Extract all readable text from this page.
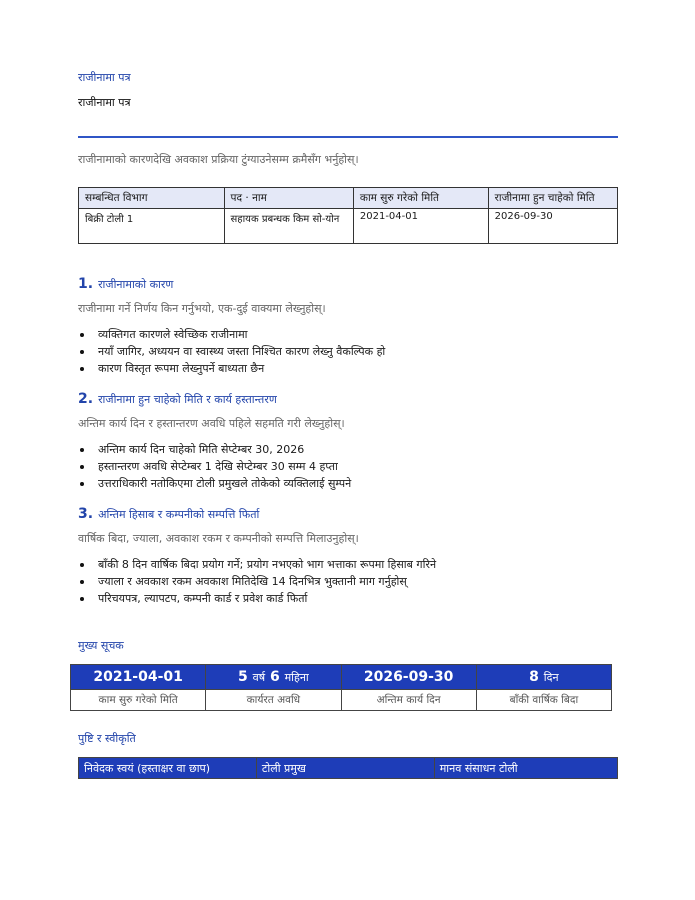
राजीनामा पत्र
राजीनामा पत्र
राजीनामाको कारणदेखि अवकाश प्रक्रिया टुंग्याउनेसम्म क्रमैसँग भर्नुहोस्।
सम्बन्धित विभाग	पद · नाम	काम सुरु गरेको मिति	राजीनामा हुन चाहेको मिति
बिक्री टोली 1	सहायक प्रबन्धक किम सो-योन	2021-04-01	2026-09-30
1. राजीनामाको कारण
राजीनामा गर्ने निर्णय किन गर्नुभयो, एक-दुई वाक्यमा लेख्नुहोस्।
व्यक्तिगत कारणले स्वेच्छिक राजीनामा
नयाँ जागिर, अध्ययन वा स्वास्थ्य जस्ता निश्चित कारण लेख्नु वैकल्पिक हो
कारण विस्तृत रूपमा लेख्नुपर्ने बाध्यता छैन
2. राजीनामा हुन चाहेको मिति र कार्य हस्तान्तरण
अन्तिम कार्य दिन र हस्तान्तरण अवधि पहिले सहमति गरी लेख्नुहोस्।
अन्तिम कार्य दिन चाहेको मिति सेप्टेम्बर 30, 2026
हस्तान्तरण अवधि सेप्टेम्बर 1 देखि सेप्टेम्बर 30 सम्म 4 हप्ता
उत्तराधिकारी नतोकिएमा टोली प्रमुखले तोकेको व्यक्तिलाई सुम्पने
3. अन्तिम हिसाब र कम्पनीको सम्पत्ति फिर्ता
वार्षिक बिदा, ज्याला, अवकाश रकम र कम्पनीको सम्पत्ति मिलाउनुहोस्।
बाँकी 8 दिन वार्षिक बिदा प्रयोग गर्ने; प्रयोग नभएको भाग भत्ताका रूपमा हिसाब गरिने
ज्याला र अवकाश रकम अवकाश मितिदेखि 14 दिनभित्र भुक्तानी माग गर्नुहोस्
परिचयपत्र, ल्यापटप, कम्पनी कार्ड र प्रवेश कार्ड फिर्ता
मुख्य सूचक
2021-04-01	5 वर्ष 6 महिना	2026-09-30	8 दिन
काम सुरु गरेको मिति	कार्यरत अवधि	अन्तिम कार्य दिन	बाँकी वार्षिक बिदा
पुष्टि र स्वीकृति
निवेदक स्वयं (हस्ताक्षर वा छाप)	टोली प्रमुख	मानव संसाधन टोली
